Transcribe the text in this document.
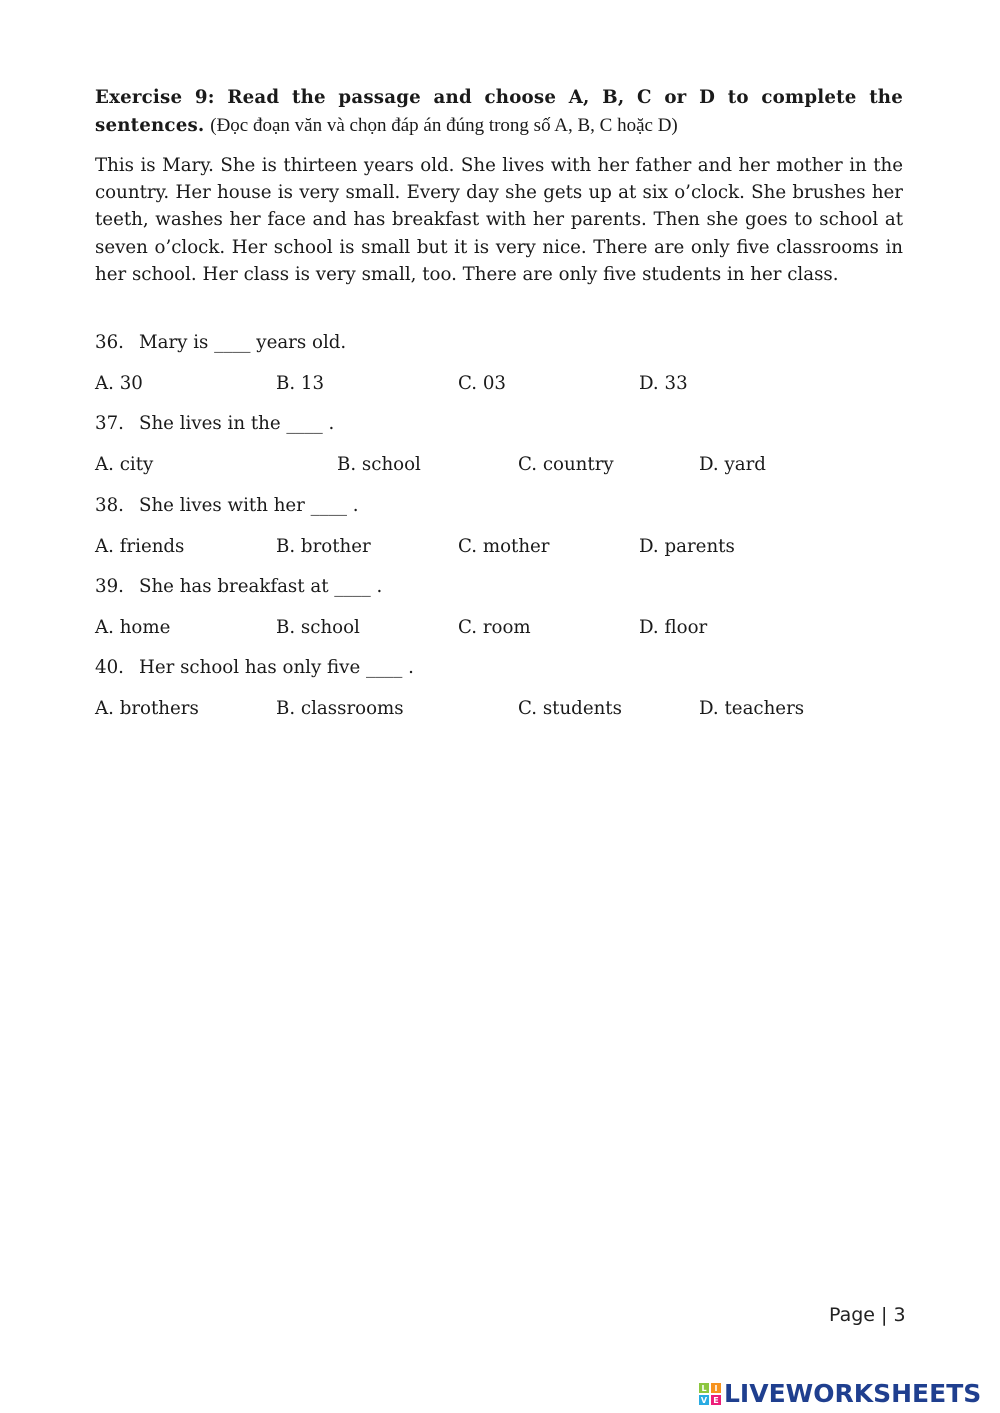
Exercise 9: Read the passage and choose A, B, C or D to complete the sentences. (Đọc đoạn văn và chọn đáp án đúng trong số A, B, C hoặc D)
This is Mary. She is thirteen years old. She lives with her father and her mother in the country. Her house is very small. Every day she gets up at six o’clock. She brushes her teeth, washes her face and has breakfast with her parents. Then she goes to school at seven o’clock. Her school is small but it is very nice. There are only five classrooms in her school. Her class is very small, too. There are only five students in her class.
36. Mary is ____ years old.
A. 30	B. 13	C. 03	D. 33
37. She lives in the ____ .
A. city	B. school	C. country	D. yard
38. She lives with her ____ .
A. friends	B. brother	C. mother	D. parents
39. She has breakfast at ____ .
A. home	B. school	C. room	D. floor
40. Her school has only five ____ .
A. brothers	B. classrooms	C. students	D. teachers
Page | 3
L I
V E LIVEWORKSHEETS
